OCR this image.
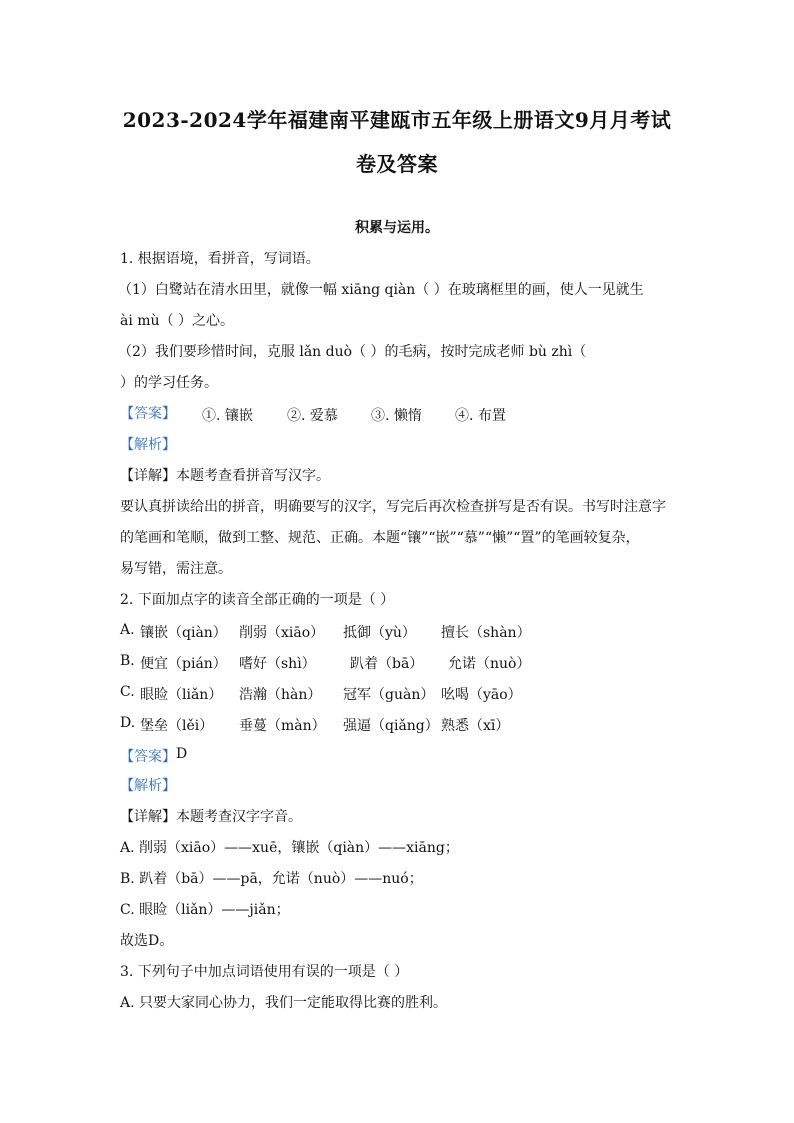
2023-2024学年福建南平建瓯市五年级上册语文9月月考试
卷及答案
积累与运用。
1. 根据语境，看拼音，写词语。
（1）白鹭站在清水田里，就像一幅 xiāng qiàn（ ）在玻璃框里的画，使人一见就生
ài mù（ ）之心。
（2）我们要珍惜时间，克服 lǎn duò（ ）的毛病，按时完成老师 bù zhì（
）的学习任务。
【答案】 ①. 镶嵌 ②. 爱慕 ③. 懒惰 ④. 布置
【解析】
【详解】本题考查看拼音写汉字。
要认真拼读给出的拼音，明确要写的汉字，写完后再次检查拼写是否有误。书写时注意字
的笔画和笔顺，做到工整、规范、正确。本题“镶”“嵌”“慕”“懒”“置”的笔画较复杂，
易写错，需注意。
2. 下面加点字的读音全部正确的一项是（ ）
A. 镶嵌（qiàn） 削弱（xiāo） 抵御（yù） 擅长（shàn）
B. 便宜（pián） 嗜好（shì） 趴着（bā） 允诺（nuò）
C. 眼睑（liǎn） 浩瀚（hàn） 冠军（guàn） 吆喝（yāo）
D. 堡垒（lěi） 垂蔓（màn） 强逼（qiǎng） 熟悉（xī）
【答案】 D
【解析】
【详解】本题考查汉字字音。
A. 削弱（xiāo）——xuē，镶嵌（qiàn）——xiāng；
B. 趴着（bā）——pā，允诺（nuò）——nuó；
C. 眼睑（liǎn）——jiǎn；
故选D。
3. 下列句子中加点词语使用有误的一项是（ ）
A. 只要大家同心协力，我们一定能取得比赛的胜利。
